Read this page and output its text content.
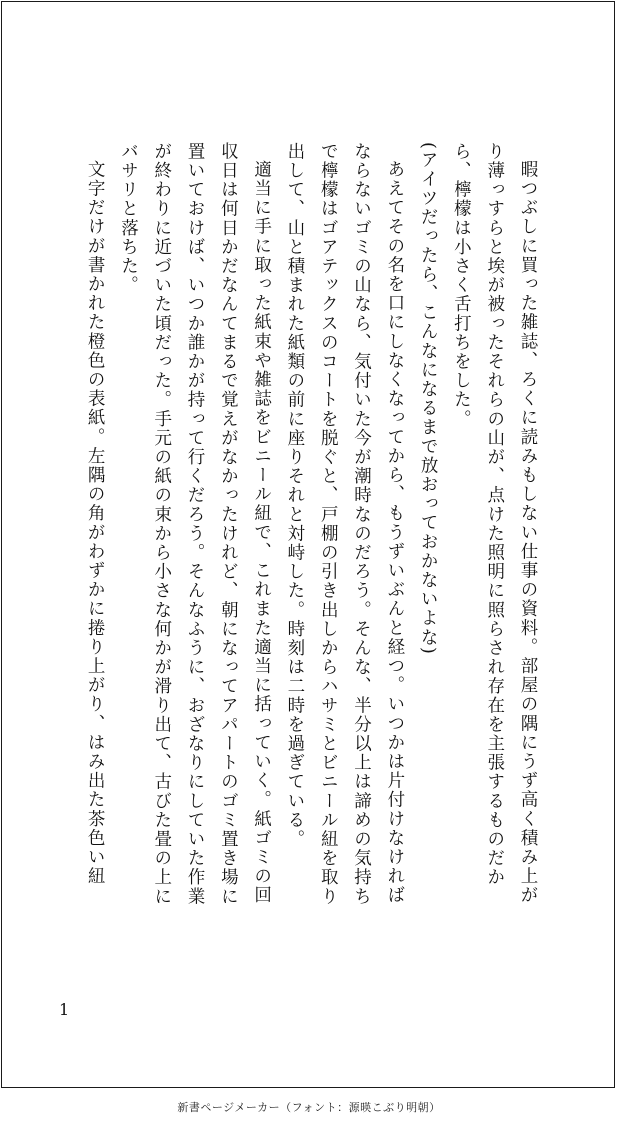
暇つぶしに買った雑誌、ろくに読みもしない仕事の資料。部屋の隅にうず高く積み上がり薄っすらと埃が被ったそれらの山が、点けた照明に照らされ存在を主張するものだから、檸檬は小さく舌打ちをした。

(アイツだったら、こんなになるまで放おっておかないよな)

あえてその名を口にしなくなってから、もうずいぶんと経つ。いつかは片付けなければならないゴミの山なら、気付いた今が潮時なのだろう。そんな、半分以上は諦めの気持ちで檸檬はゴアテックスのコートを脱ぐと、戸棚の引き出しからハサミとビニール紐を取り出して、山と積まれた紙類の前に座りそれと対峙した。時刻は二時を過ぎている。

適当に手に取った紙束や雑誌をビニール紐で、これまた適当に括っていく。紙ゴミの回収日は何日かだなんてまるで覚えがなかったけれど、朝になってアパートのゴミ置き場に置いておけば、いつか誰かが持って行くだろう。そんなふうに、おざなりにしていた作業が終わりに近づいた頃だった。手元の紙の束から小さな何かが滑り出て、古びた畳の上にバサリと落ちた。

文字だけが書かれた橙色の表紙。左隅の角がわずかに捲り上がり、はみ出た茶色い紐

1
新書ページメーカー（フォント：源暎こぶり明朝）
